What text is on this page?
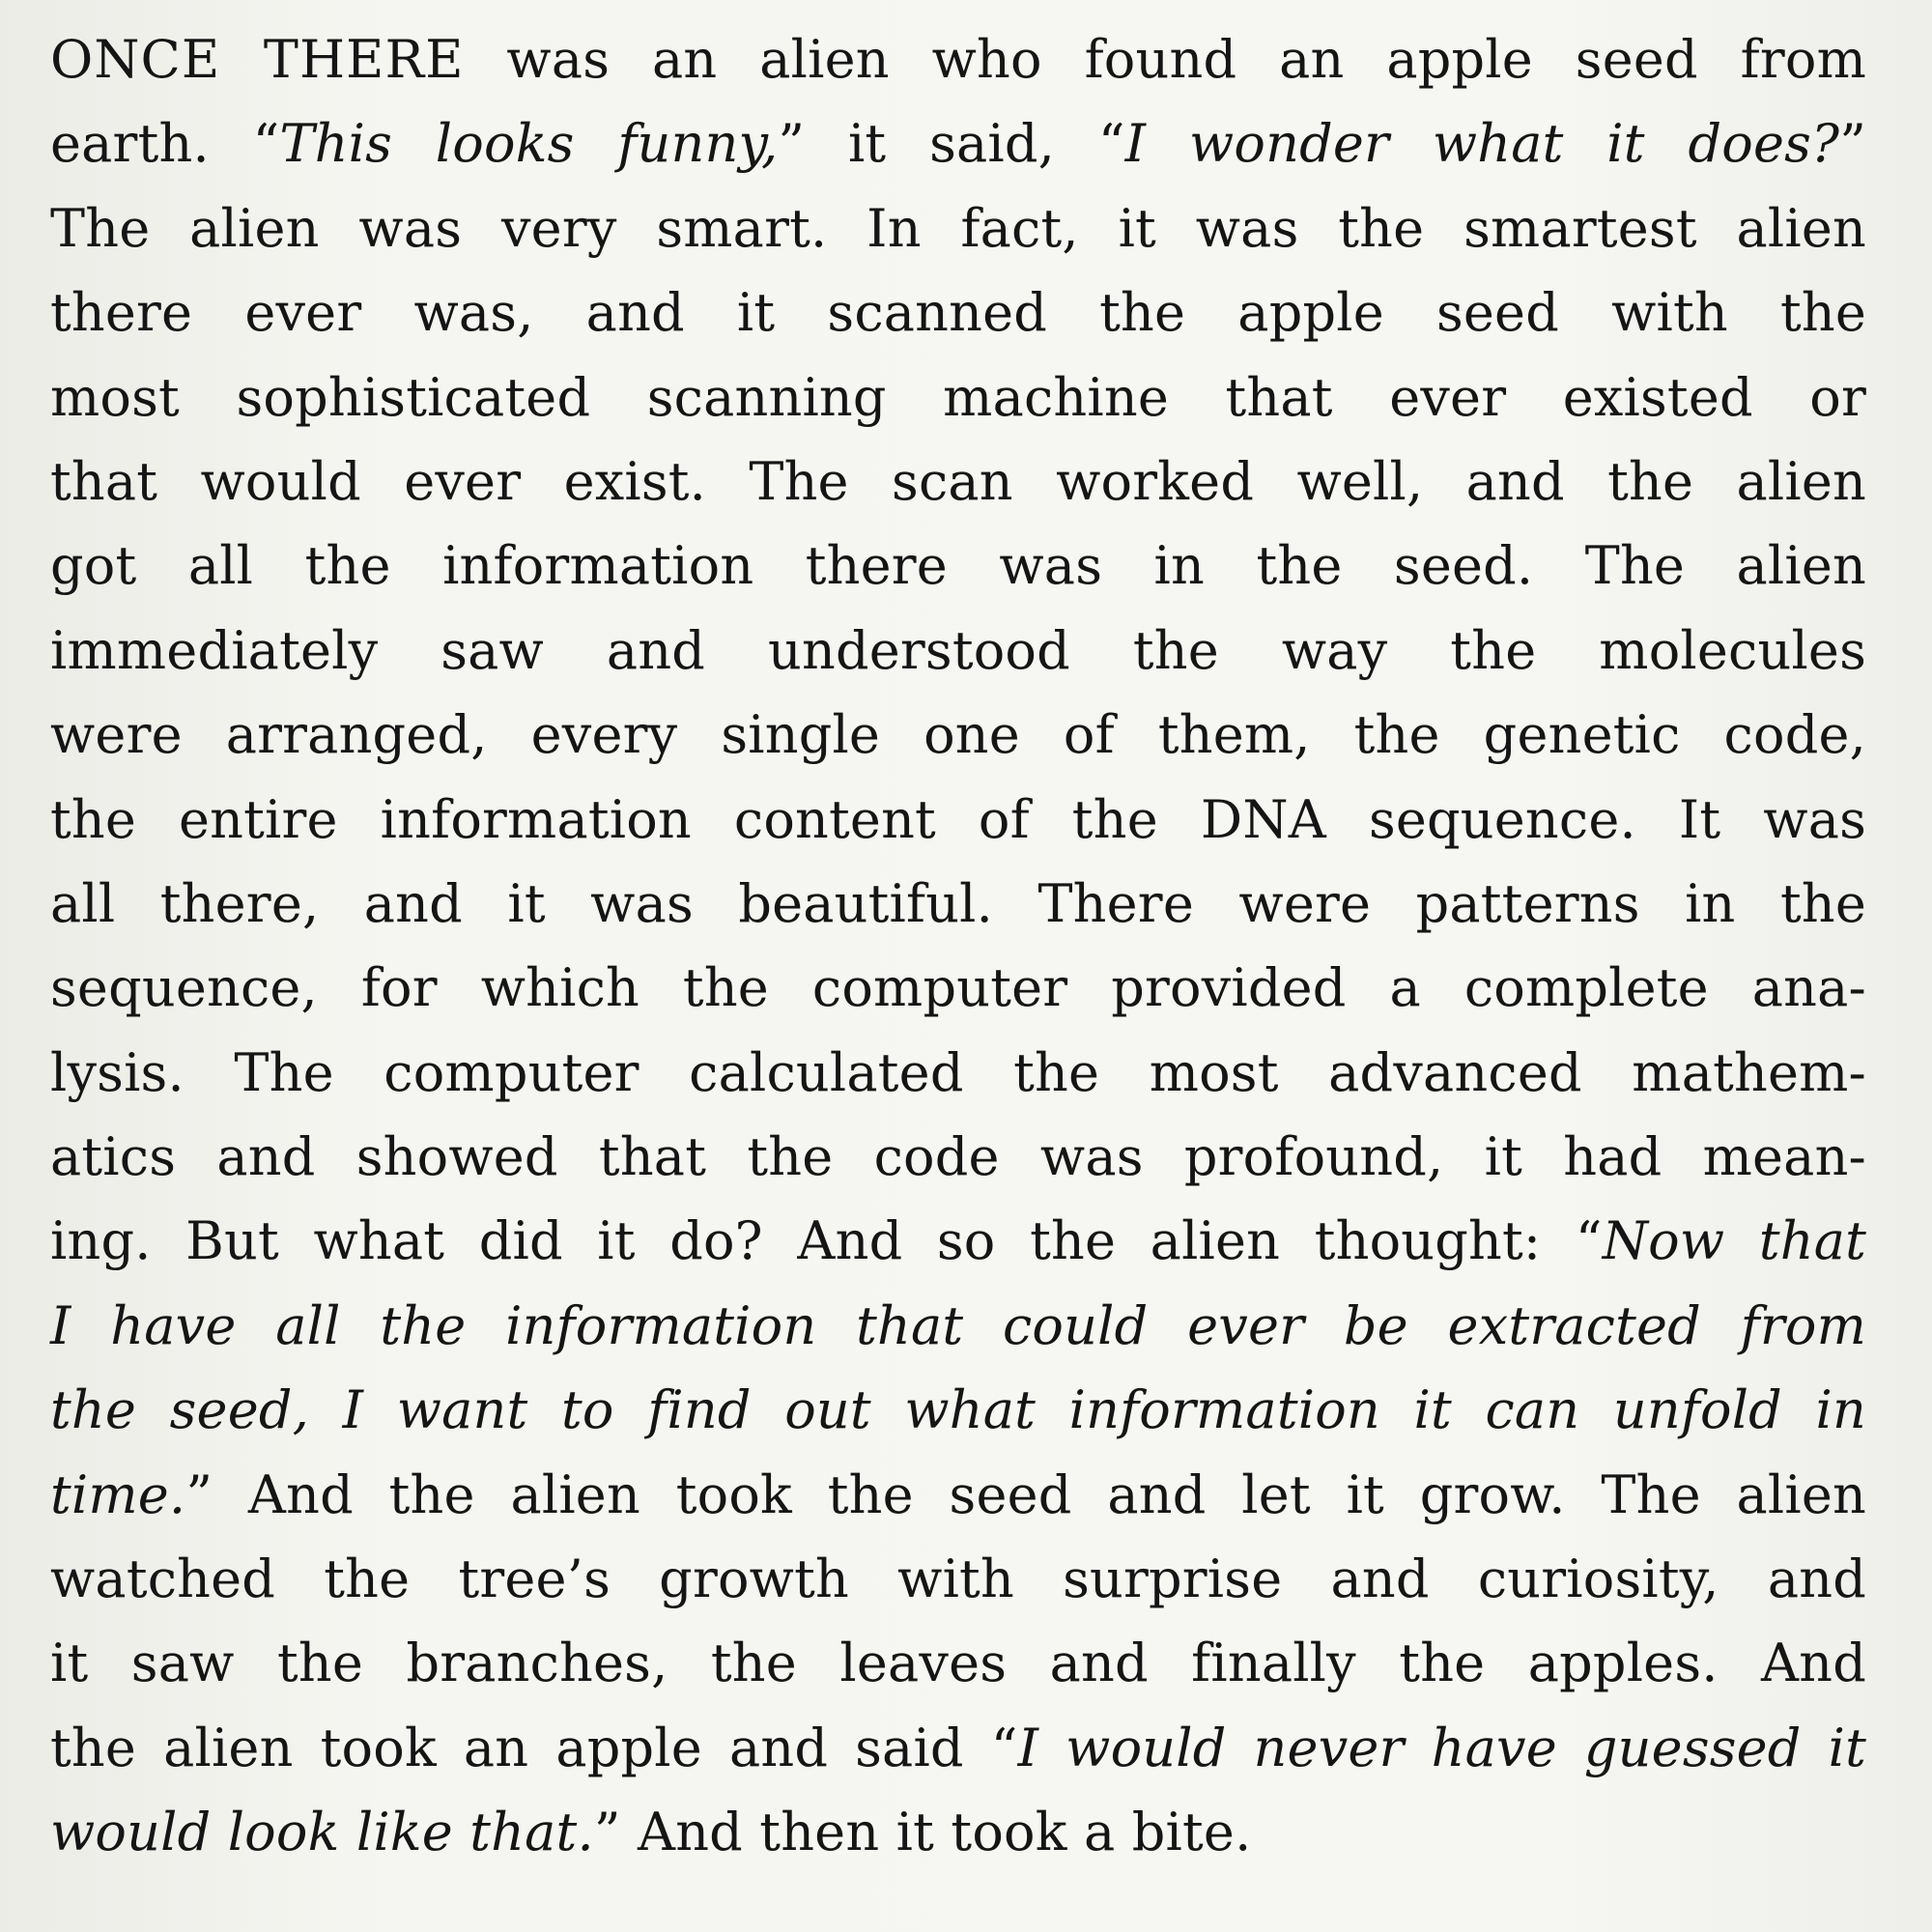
ONCE THERE was an alien who found an apple seed from
earth. “This looks funny,” it said, “I wonder what it does?”
The alien was very smart. In fact, it was the smartest alien
there ever was, and it scanned the apple seed with the
most sophisticated scanning machine that ever existed or
that would ever exist. The scan worked well, and the alien
got all the information there was in the seed. The alien
immediately saw and understood the way the molecules
were arranged, every single one of them, the genetic code,
the entire information content of the DNA sequence. It was
all there, and it was beautiful. There were patterns in the
sequence, for which the computer provided a complete ana-
lysis. The computer calculated the most advanced mathem-
atics and showed that the code was profound, it had mean-
ing. But what did it do? And so the alien thought: “Now that
I have all the information that could ever be extracted from
the seed, I want to find out what information it can unfold in
time.” And the alien took the seed and let it grow. The alien
watched the tree’s growth with surprise and curiosity, and
it saw the branches, the leaves and finally the apples. And
the alien took an apple and said “I would never have guessed it
would look like that.” And then it took a bite.
